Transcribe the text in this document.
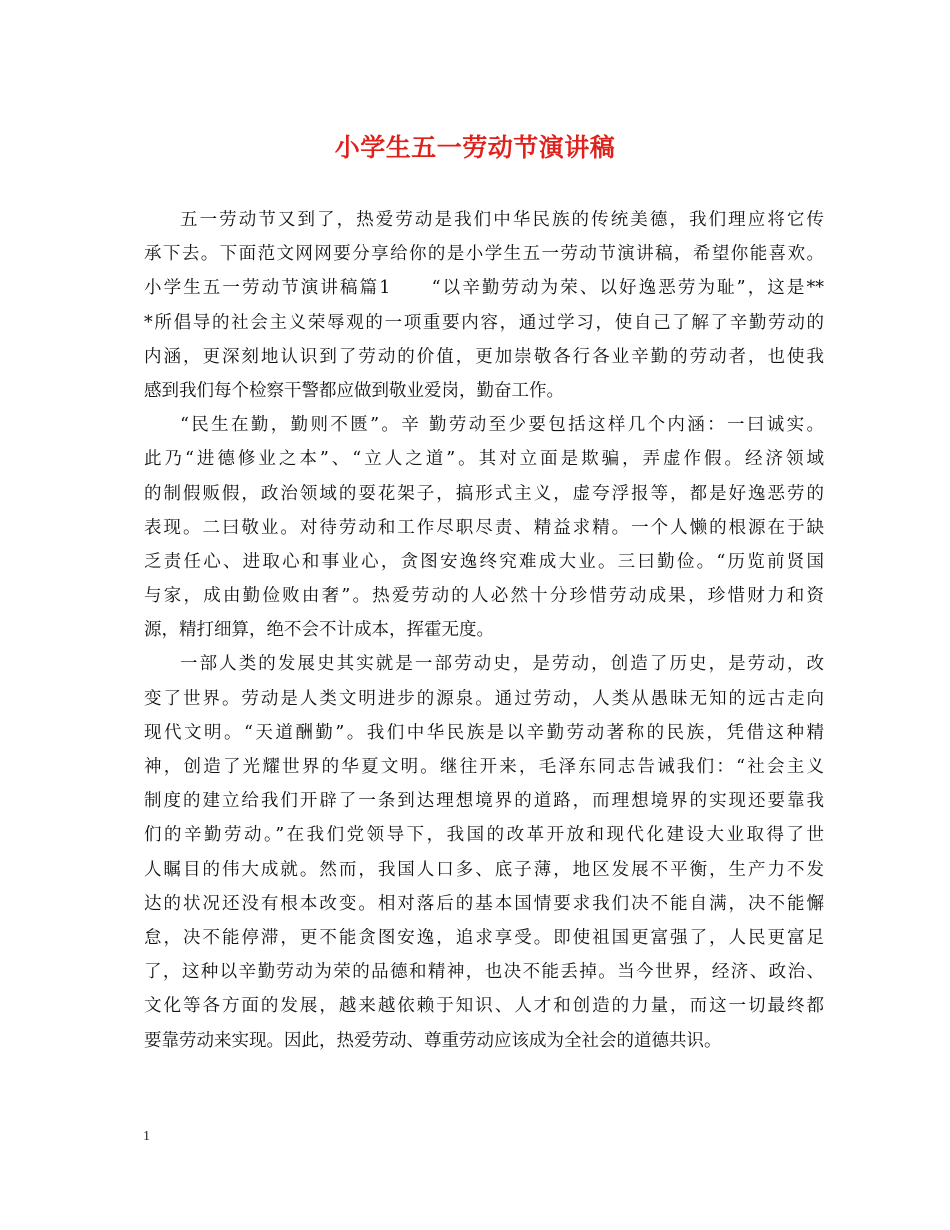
小学生五一劳动节演讲稿
五一劳动节又到了，热爱劳动是我们中华民族的传统美德，我们理应将它传
承下去。下面范文网网要分享给你的是小学生五一劳动节演讲稿，希望你能喜欢。
小学生五一劳动节演讲稿篇1　　“以辛勤劳动为荣、以好逸恶劳为耻”，这是**
*所倡导的社会主义荣辱观的一项重要内容，通过学习，使自己了解了辛勤劳动的
内涵，更深刻地认识到了劳动的价值，更加崇敬各行各业辛勤的劳动者，也使我
感到我们每个检察干警都应做到敬业爱岗，勤奋工作。
“民生在勤，勤则不匮”。辛 勤劳动至少要包括这样几个内涵：一曰诚实。
此乃“进德修业之本”、“立人之道”。其对立面是欺骗，弄虚作假。经济领域
的制假贩假，政治领域的耍花架子，搞形式主义，虚夸浮报等，都是好逸恶劳的
表现。二曰敬业。对待劳动和工作尽职尽责、精益求精。一个人懒的根源在于缺
乏责任心、进取心和事业心，贪图安逸终究难成大业。三曰勤俭。“历览前贤国
与家，成由勤俭败由奢”。热爱劳动的人必然十分珍惜劳动成果，珍惜财力和资
源，精打细算，绝不会不计成本，挥霍无度。
一部人类的发展史其实就是一部劳动史，是劳动，创造了历史，是劳动，改
变了世界。劳动是人类文明进步的源泉。通过劳动，人类从愚昧无知的远古走向
现代文明。“天道酬勤”。我们中华民族是以辛勤劳动著称的民族，凭借这种精
神，创造了光耀世界的华夏文明。继往开来，毛泽东同志告诫我们：“社会主义
制度的建立给我们开辟了一条到达理想境界的道路，而理想境界的实现还要靠我
们的辛勤劳动。”在我们党领导下，我国的改革开放和现代化建设大业取得了世
人瞩目的伟大成就。然而，我国人口多、底子薄，地区发展不平衡，生产力不发
达的状况还没有根本改变。相对落后的基本国情要求我们决不能自满，决不能懈
怠，决不能停滞，更不能贪图安逸，追求享受。即使祖国更富强了，人民更富足
了，这种以辛勤劳动为荣的品德和精神，也决不能丢掉。当今世界，经济、政治、
文化等各方面的发展，越来越依赖于知识、人才和创造的力量，而这一切最终都
要靠劳动来实现。因此，热爱劳动、尊重劳动应该成为全社会的道德共识。
1
